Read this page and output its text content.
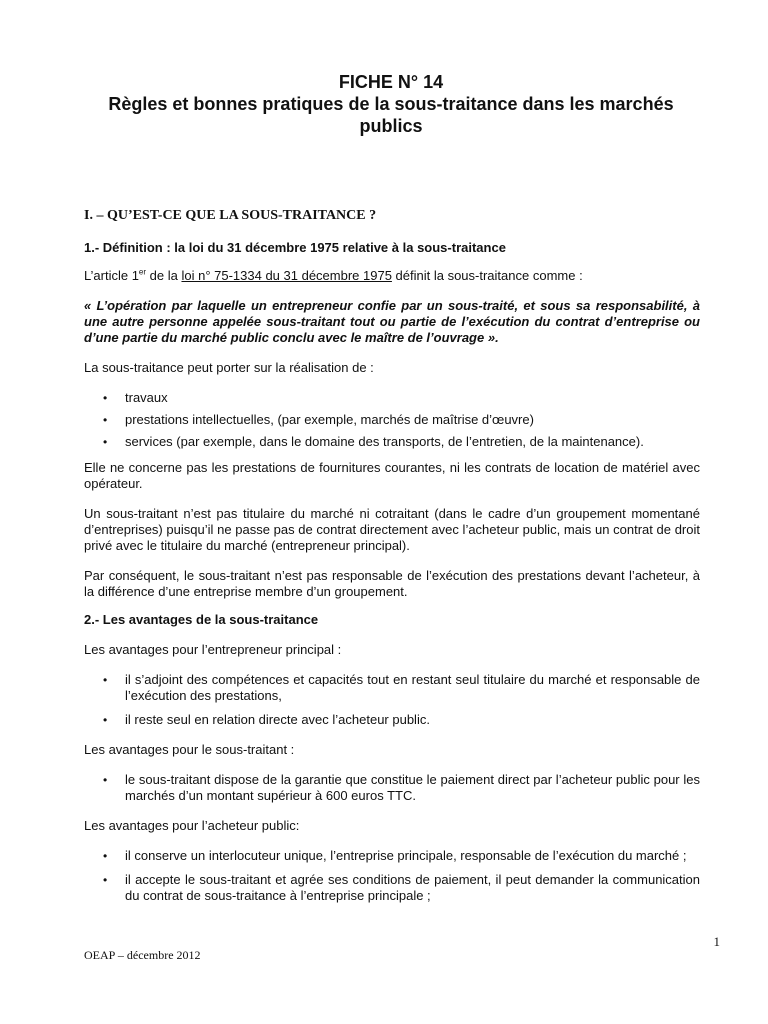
FICHE N° 14
Règles et bonnes pratiques de la sous-traitance dans les marchés publics
I. – QU’EST-CE QUE LA SOUS-TRAITANCE ?
1.- Définition : la loi du 31 décembre 1975 relative à la sous-traitance
L’article 1er de la loi n° 75-1334 du 31 décembre 1975 définit la sous-traitance comme :
« L’opération par laquelle un entrepreneur confie par un sous-traité, et sous sa responsabilité, à une autre personne appelée sous-traitant tout ou partie de l’exécution du contrat d’entreprise ou d’une partie du marché public conclu avec le maître de l’ouvrage ».
La sous-traitance peut porter sur la réalisation de :
• travaux
• prestations intellectuelles, (par exemple, marchés de maîtrise d’œuvre)
• services (par exemple, dans le domaine des transports, de l’entretien, de la maintenance).
Elle ne concerne pas les prestations de fournitures courantes, ni les contrats de location de matériel avec opérateur.
Un sous-traitant n’est pas titulaire du marché ni cotraitant (dans le cadre d’un groupement momentané d’entreprises) puisqu’il ne passe pas de contrat directement avec l’acheteur public, mais un contrat de droit privé avec le titulaire du marché (entrepreneur principal).
Par conséquent, le sous-traitant n’est pas responsable de l’exécution des prestations devant l’acheteur, à la différence d’une entreprise membre d’un groupement.
2.- Les avantages de la sous-traitance
Les avantages pour l’entrepreneur principal :
• il s’adjoint des compétences et capacités tout en restant seul titulaire du marché et responsable de l’exécution des prestations,
• il reste seul en relation directe avec l’acheteur public.
Les avantages pour le sous-traitant :
• le sous-traitant dispose de la garantie que constitue le paiement direct par l’acheteur public pour les marchés d’un montant supérieur à 600 euros TTC.
Les avantages pour l’acheteur public:
• il conserve un interlocuteur unique, l’entreprise principale, responsable de l’exécution du marché ;
• il accepte le sous-traitant et agrée ses conditions de paiement, il peut demander la communication du contrat de sous-traitance à l’entreprise principale ;
1
OEAP – décembre 2012
